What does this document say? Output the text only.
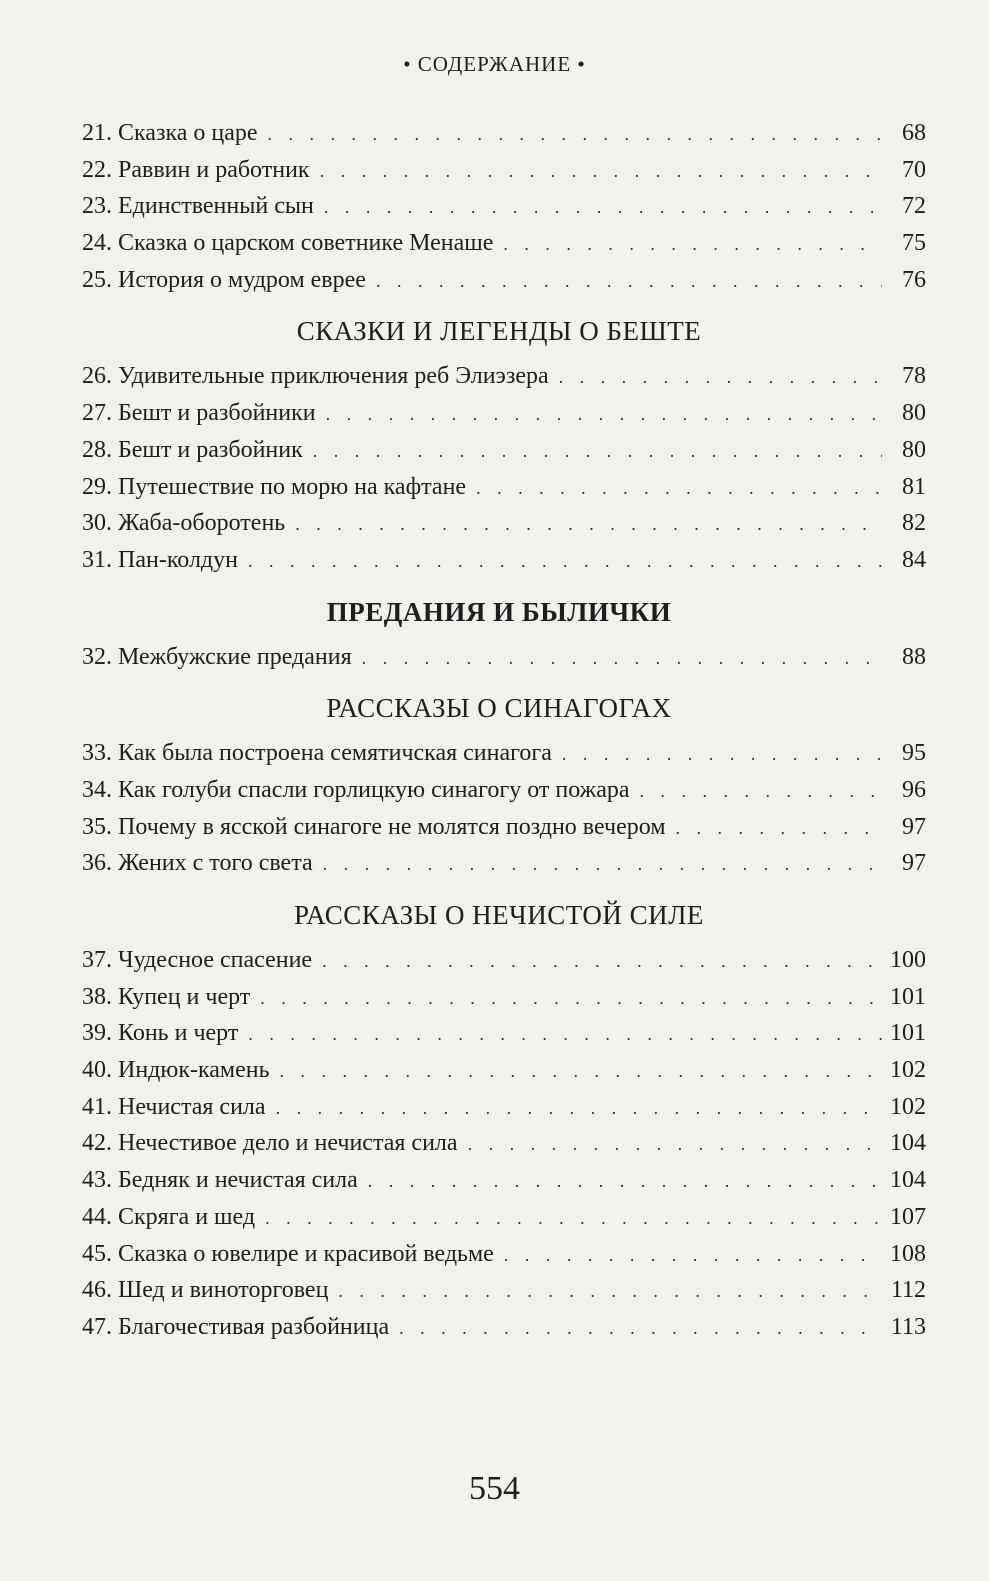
• СОДЕРЖАНИЕ •
21. Сказка о царе . . .	68
22. Раввин и работник . . .	70
23. Единственный сын . . .	72
24. Сказка о царском советнике Менаше . . .	75
25. История о мудром еврее . . .	76
СКАЗКИ И ЛЕГЕНДЫ О БЕШТЕ
26. Удивительные приключения реб Элиэзера . . .	78
27. Бешт и разбойники . . .	80
28. Бешт и разбойник . . .	80
29. Путешествие по морю на кафтане . . .	81
30. Жаба-оборотень . . .	82
31. Пан-колдун . . .	84
ПРЕДАНИЯ И БЫЛИЧКИ
32. Межбужские предания . . .	88
РАССКАЗЫ О СИНАГОГАХ
33. Как была построена семятичская синагога . . .	95
34. Как голуби спасли горлицкую синагогу от пожара . . .	96
35. Почему в ясской синагоге не молятся поздно вечером . . .	97
36. Жених с того света . . .	97
РАССКАЗЫ О НЕЧИСТОЙ СИЛЕ
37. Чудесное спасение . . .	100
38. Купец и черт . . .	101
39. Конь и черт . . .	101
40. Индюк-камень . . .	102
41. Нечистая сила . . .	102
42. Нечестивое дело и нечистая сила . . .	104
43. Бедняк и нечистая сила . . .	104
44. Скряга и шед . . .	107
45. Сказка о ювелире и красивой ведьме . . .	108
46. Шед и виноторговец . . .	112
47. Благочестивая разбойница . . .	113
554
